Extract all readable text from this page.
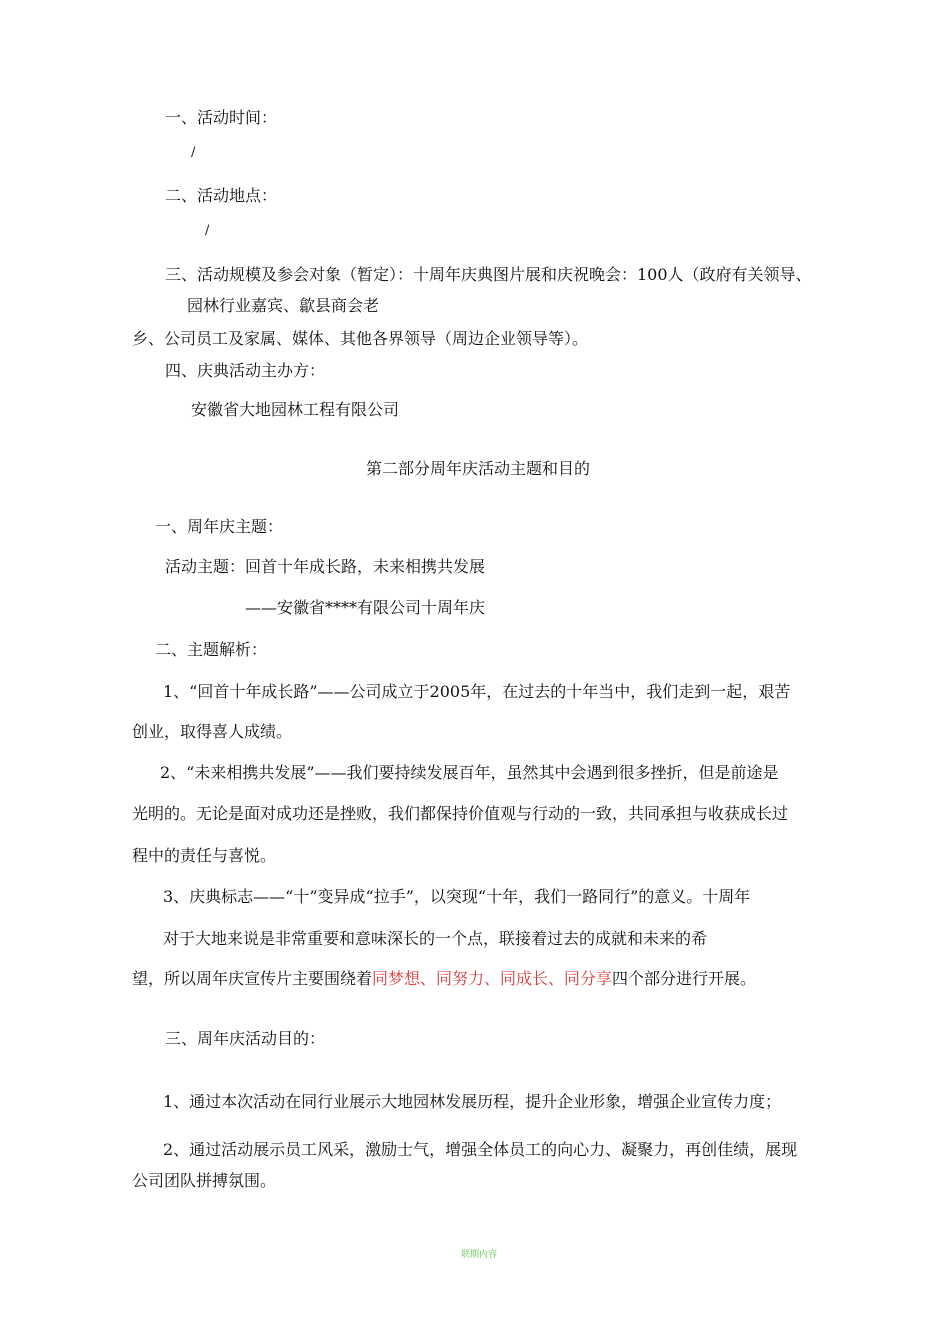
一、活动时间：
/
二、活动地点：
/
三、活动规模及参会对象（暂定）：十周年庆典图片展和庆祝晚会：100人（政府有关领导、
园林行业嘉宾、歙县商会老
乡、公司员工及家属、媒体、其他各界领导（周边企业领导等）。
四、庆典活动主办方：
安徽省大地园林工程有限公司
第二部分周年庆活动主题和目的
一、周年庆主题：
活动主题：回首十年成长路，未来相携共发展
——安徽省****有限公司十周年庆
二、主题解析：
1、“回首十年成长路”——公司成立于2005年，在过去的十年当中，我们走到一起，艰苦
创业，取得喜人成绩。
2、“未来相携共发展”——我们要持续发展百年，虽然其中会遇到很多挫折，但是前途是
光明的。无论是面对成功还是挫败，我们都保持价值观与行动的一致，共同承担与收获成长过
程中的责任与喜悦。
3、庆典标志——“十”变异成“拉手”，以突现“十年，我们一路同行”的意义。十周年
对于大地来说是非常重要和意味深长的一个点，联接着过去的成就和未来的希
望，所以周年庆宣传片主要围绕着同梦想、同努力、同成长、同分享四个部分进行开展。
三、周年庆活动目的：
1、通过本次活动在同行业展示大地园林发展历程，提升企业形象，增强企业宣传力度；
2、通过活动展示员工风采，激励士气，增强全体员工的向心力、凝聚力，再创佳绩，展现
公司团队拼搏氛围。
联期内容
